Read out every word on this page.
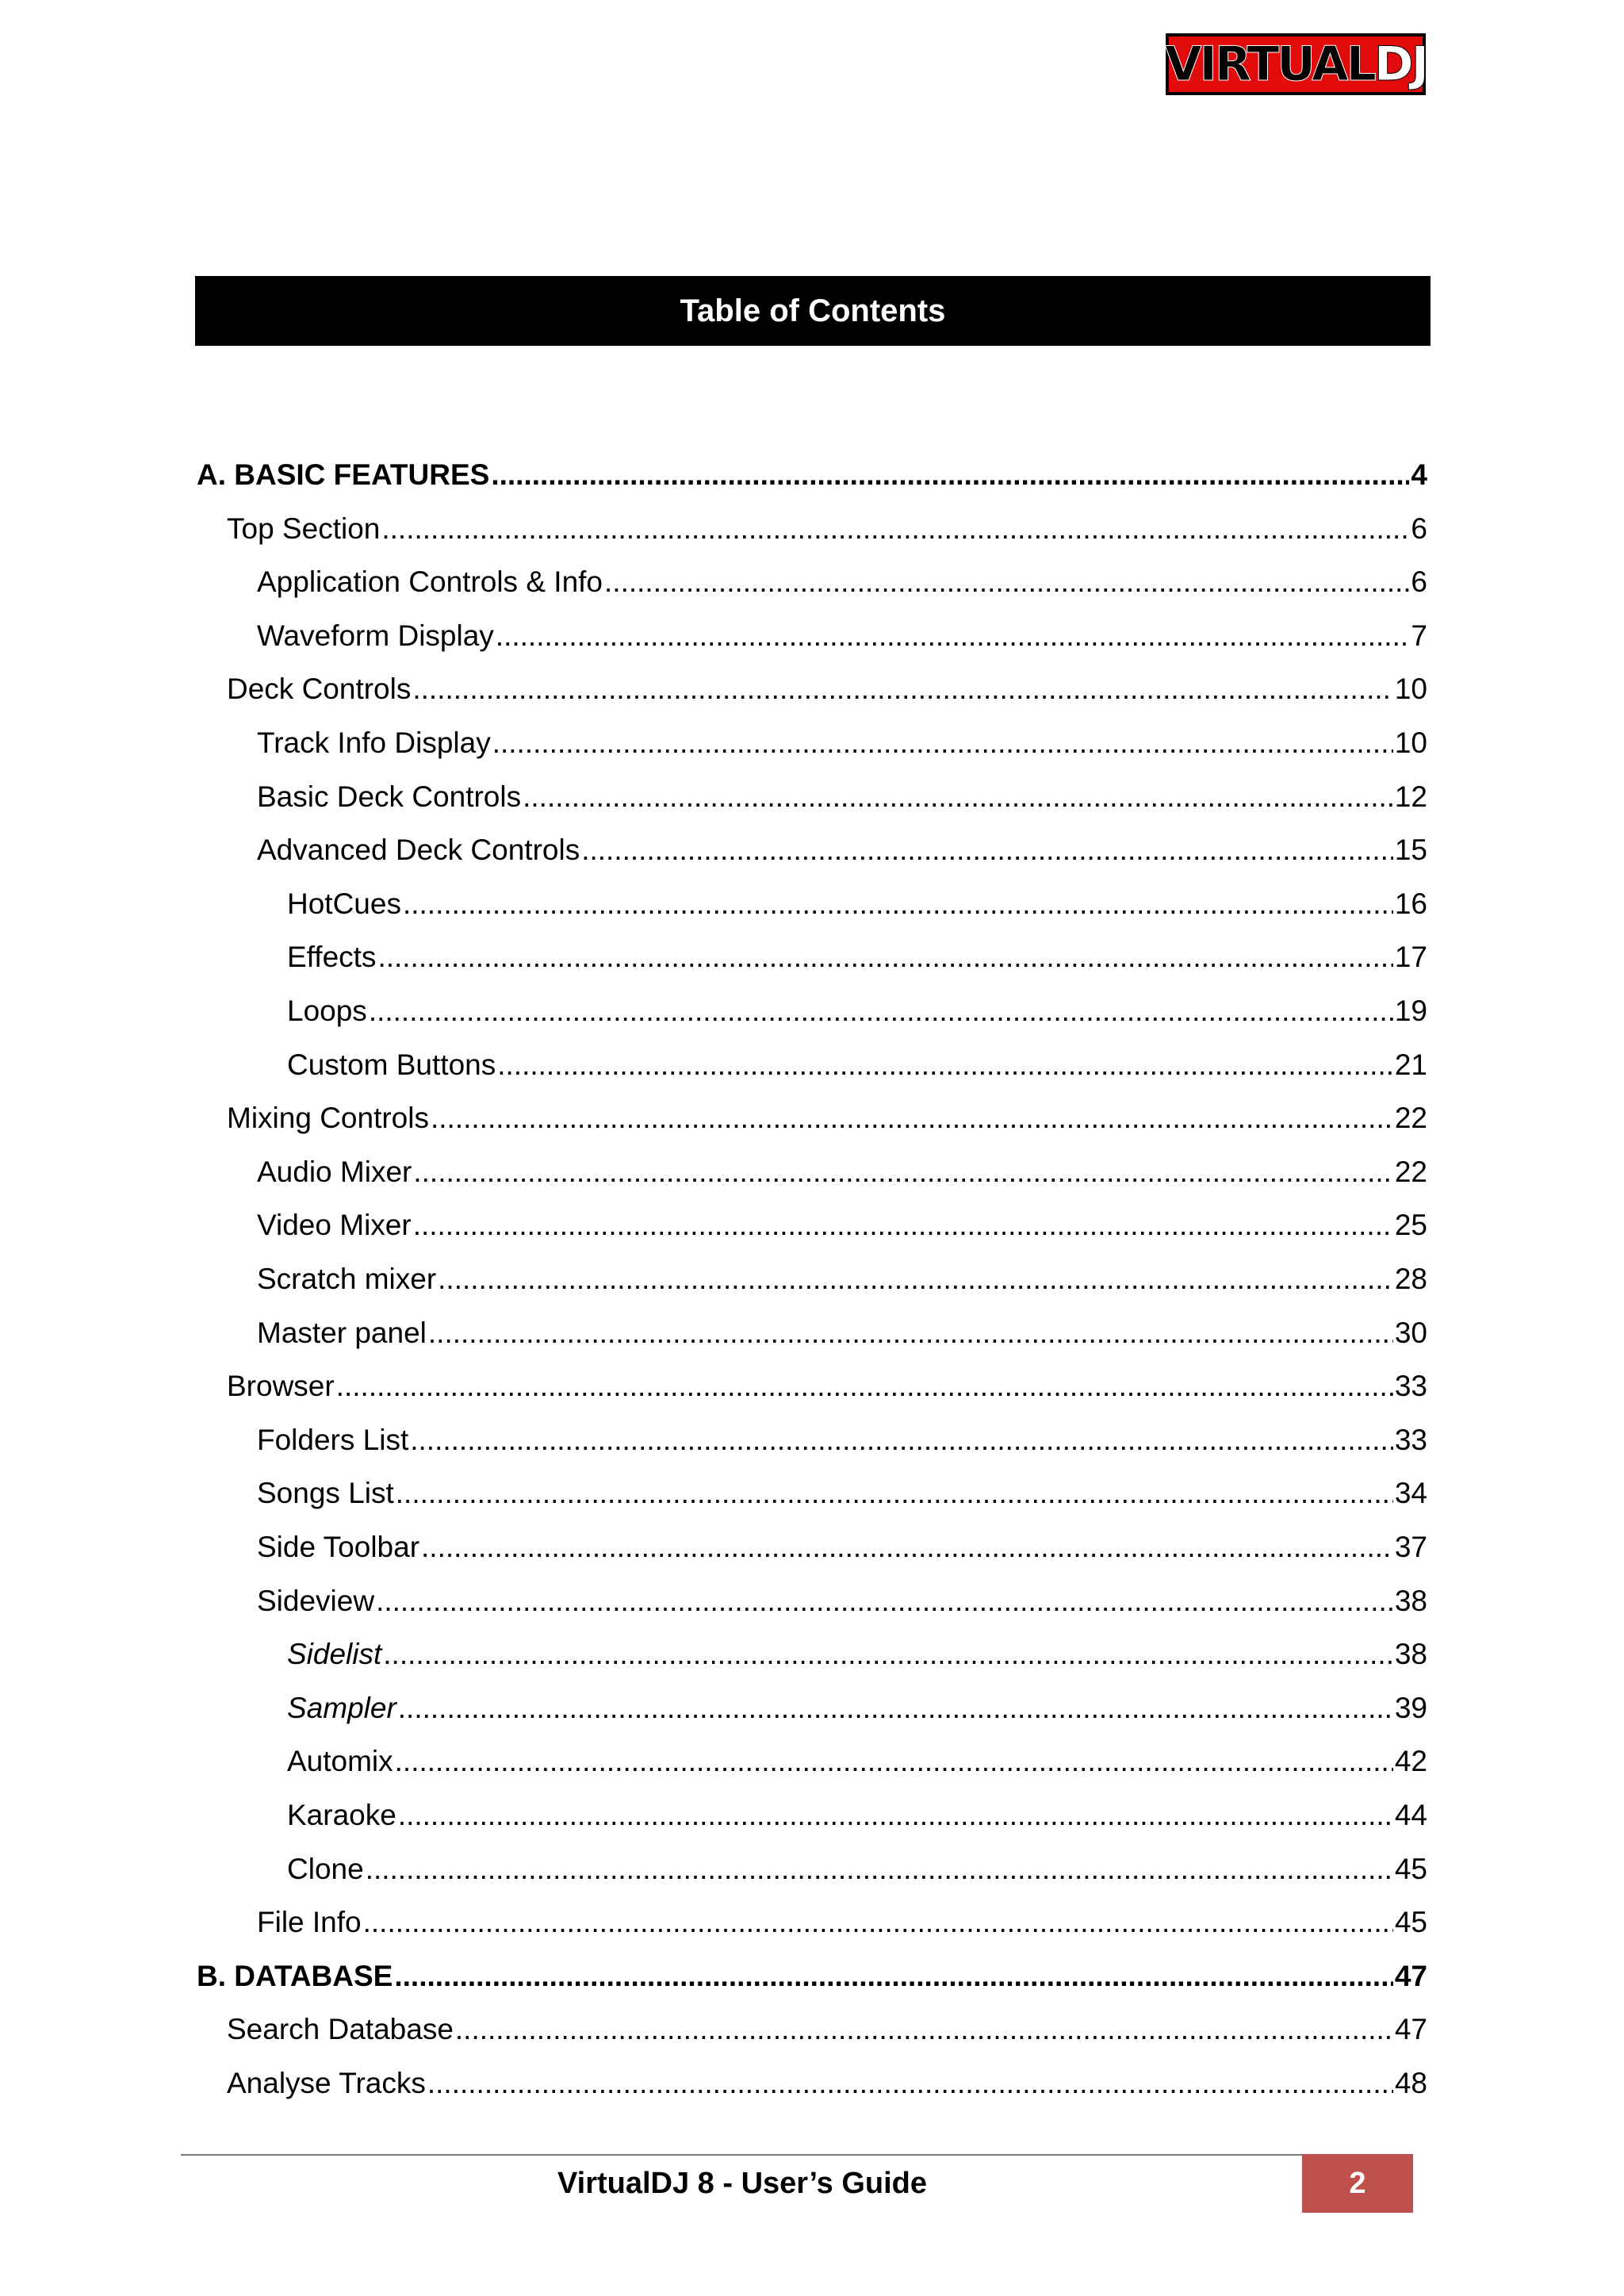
VIRTUAL DJ
Table of Contents
A. BASIC FEATURES .....	4
Top Section .....	6
Application Controls & Info .....	6
Waveform Display .....	7
Deck Controls .....	10
Track Info Display .....	10
Basic Deck Controls .....	12
Advanced Deck Controls .....	15
HotCues .....	16
Effects .....	17
Loops .....	19
Custom Buttons .....	21
Mixing Controls .....	22
Audio Mixer .....	22
Video Mixer .....	25
Scratch mixer .....	28
Master panel .....	30
Browser .....	33
Folders List .....	33
Songs List .....	34
Side Toolbar .....	37
Sideview .....	38
Sidelist .....	38
Sampler .....	39
Automix .....	42
Karaoke .....	44
Clone .....	45
File Info .....	45
B. DATABASE .....	47
Search Database .....	47
Analyse Tracks .....	48
VirtualDJ 8 - User’s Guide	2
